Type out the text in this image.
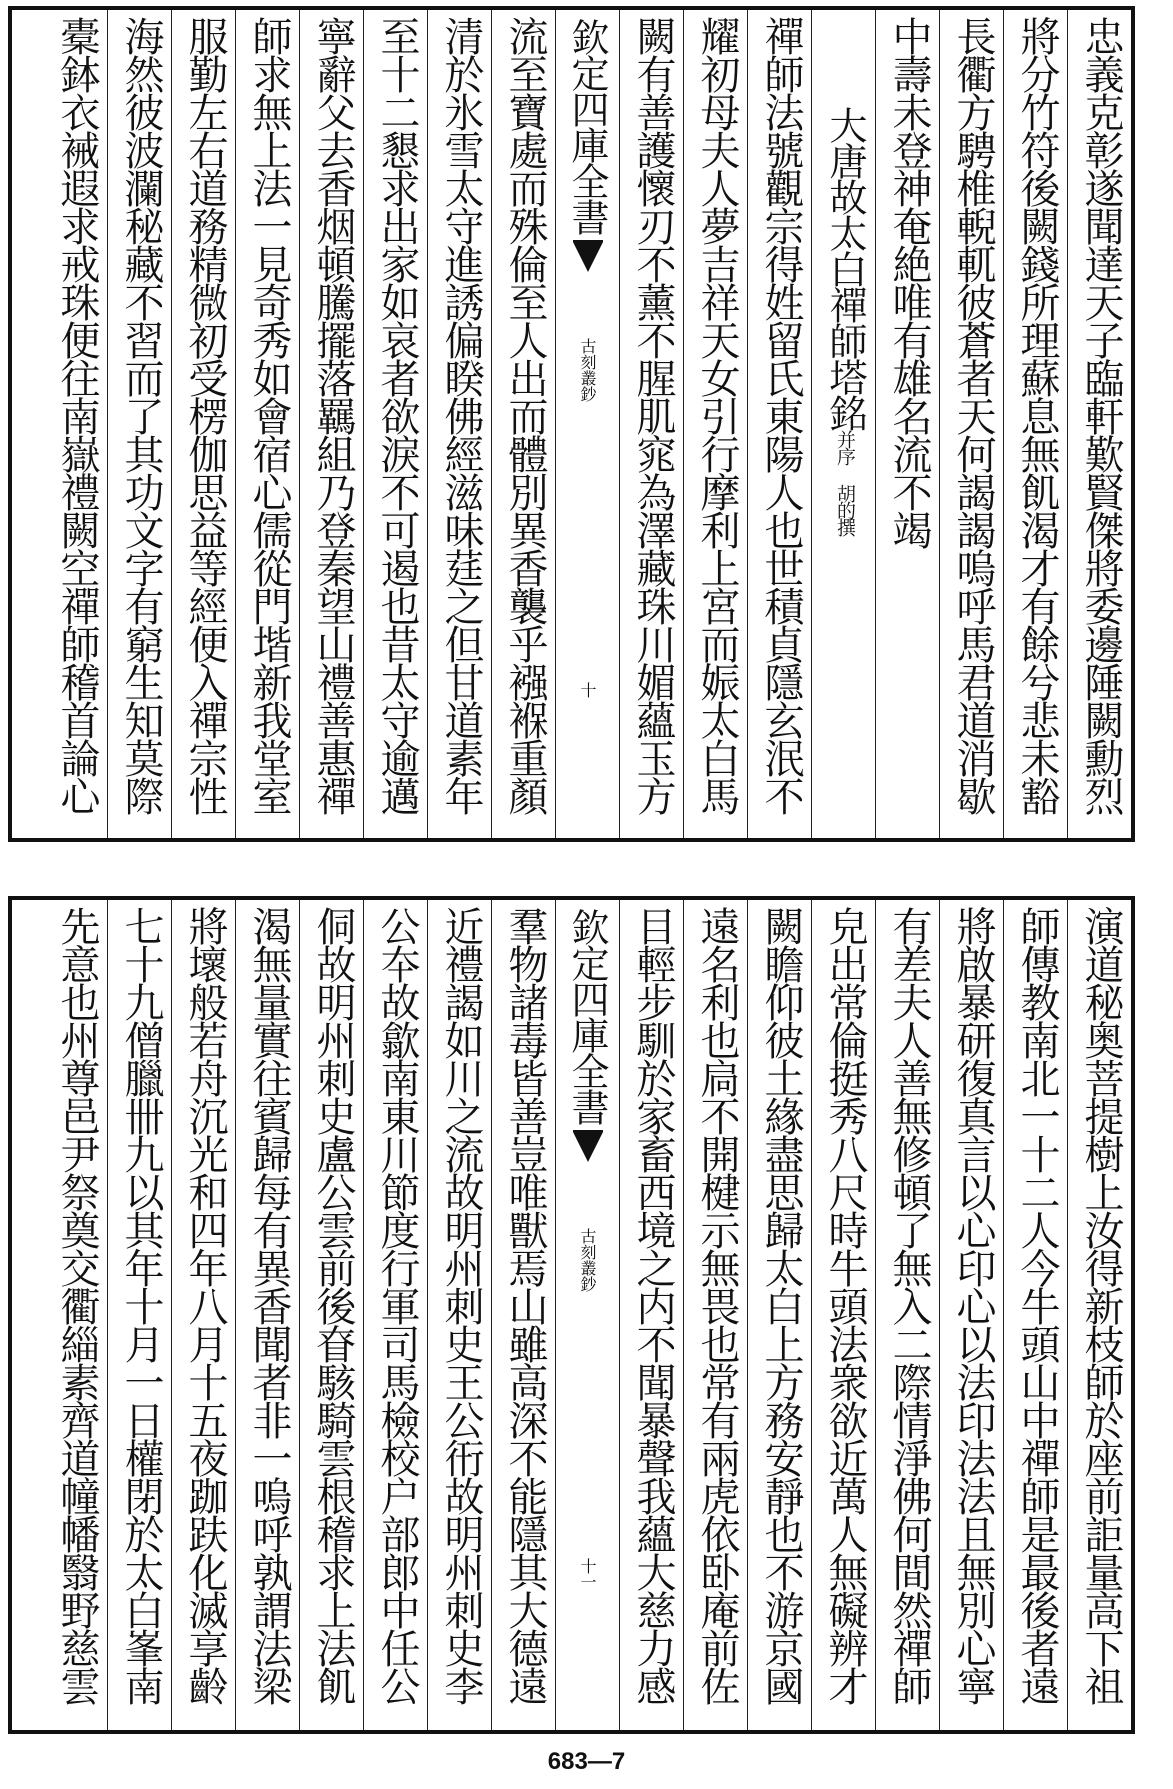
忠義克彰遂聞達天子臨軒歎賢傑將委邊陲闕勳烈
將分竹符後闕錢所理蘇息無飢渴才有餘兮悲未豁
長衢方騁椎輗軏彼蒼者天何謁謁嗚呼馬君道消歇
中壽未登神奄絶唯有雄名流不竭
大唐故太白禪師塔銘并序 胡的撰
禪師法號觀宗得姓留氏東陽人也世積貞隱玄泯不
耀初母夫人夢吉祥天女引行摩利上宮而娠太白馬
闕有善護懷刃不薰不腥肌窕為澤藏珠川媚蘊玉方
欽定四庫全書
古刻叢鈔
十
流至寶處而殊倫至人出而體別異香襲乎襁褓重顏
清於氷雪太守進誘偏睽佛經滋味莛之但甘道素年
至十二懇求出家如哀者欲淚不可遏也昔太守逾邁
寧辭父去香烟頓騰擺落羈組乃登秦望山禮善惠禪
師求無上法一見奇秀如會宿心儒從門堦新我堂室
服勤左右道務精微初受楞伽思益等經便入禪宗性
海然彼波瀾秘藏不習而了其功文字有窮生知莫際
橐鉢衣裓遐求戒珠便往南嶽禮闕空禪師稽首論心
演道秘奥菩提樹上汝得新枝師於座前詎量高下祖
師傳教南北一十二人今牛頭山中禪師是最後者遠
將啟暴研復真言以心印心以法印法法且無別心寧
有差夫人善無修頓了無入二際情淨佛何間然禪師
皃出常倫挺秀八尺時牛頭法衆欲近萬人無礙辨才
闕瞻仰彼土緣盡思歸太白上方務安靜也不游京國
遠名利也扃不開楗示無畏也常有兩虎依卧庵前佐
目輕步馴於家畜西境之内不聞暴聲我蘊大慈力感
欽定四庫全書
古刻叢鈔
十一
羣物諸毒皆善豈唯獸焉山雖高深不能隱其大德遠
近禮謁如川之流故明州刺史王公衎故明州刺史李
公夲故歙南東川節度行軍司馬檢校户部郎中任公
侗故明州刺史盧公雲前後眘駭騎雲根稽求上法飢
渴無量實往賓歸每有異香聞者非一嗚呼孰謂法梁
將壞般若舟沉光和四年八月十五夜跏趺化滅享齡
七十九僧臘卌九以其年十月一日權閉於太白峯南
先意也州尊邑尹祭奠交衢緇素齊道幢幡翳野慈雲
683—7
